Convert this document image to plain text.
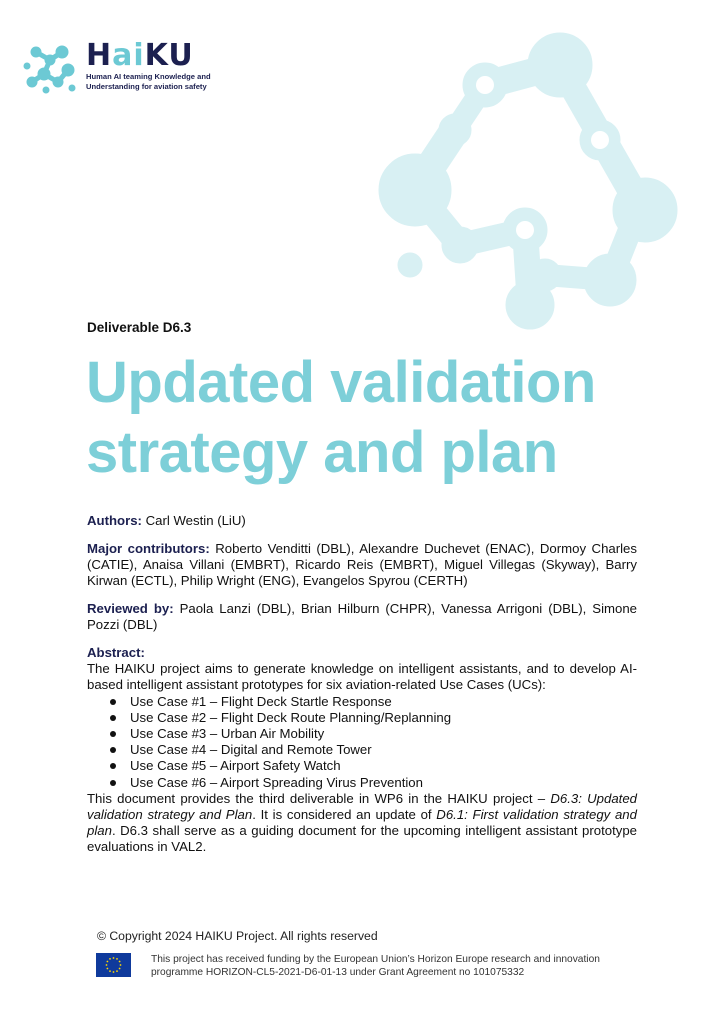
HaiKU
Human AI teaming Knowledge and Understanding for aviation safety
Deliverable D6.3
Updated validation
strategy and plan
Authors: Carl Westin (LiU)
Major contributors: Roberto Venditti (DBL), Alexandre Duchevet (ENAC), Dormoy Charles (CATIE), Anaisa Villani (EMBRT), Ricardo Reis (EMBRT), Miguel Villegas (Skyway), Barry Kirwan (ECTL), Philip Wright (ENG), Evangelos Spyrou (CERTH)
Reviewed by: Paola Lanzi (DBL), Brian Hilburn (CHPR), Vanessa Arrigoni (DBL), Simone Pozzi (DBL)
Abstract:
The HAIKU project aims to generate knowledge on intelligent assistants, and to develop AI-based intelligent assistant prototypes for six aviation-related Use Cases (UCs):
Use Case #1 – Flight Deck Startle Response
Use Case #2 – Flight Deck Route Planning/Replanning
Use Case #3 – Urban Air Mobility
Use Case #4 – Digital and Remote Tower
Use Case #5 – Airport Safety Watch
Use Case #6 – Airport Spreading Virus Prevention
This document provides the third deliverable in WP6 in the HAIKU project – D6.3: Updated validation strategy and Plan. It is considered an update of D6.1: First validation strategy and plan. D6.3 shall serve as a guiding document for the upcoming intelligent assistant prototype evaluations in VAL2.
© Copyright 2024 HAIKU Project. All rights reserved
This project has received funding by the European Union’s Horizon Europe research and innovation programme HORIZON-CL5-2021-D6-01-13 under Grant Agreement no 101075332
